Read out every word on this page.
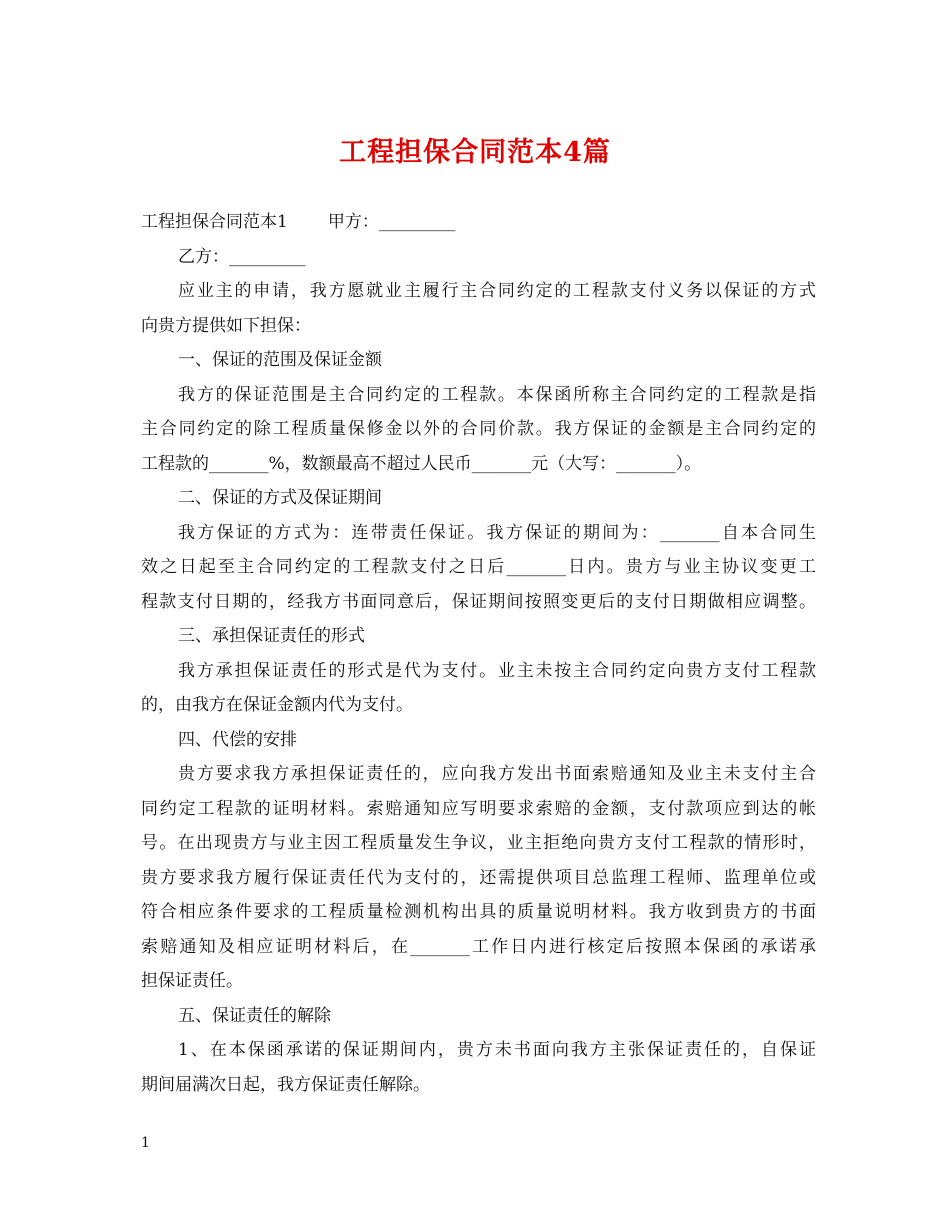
工程担保合同范本4篇

工程担保合同范本1 甲方：_________

乙方：_________

应业主的申请，我方愿就业主履行主合同约定的工程款支付义务以保证的方式

向贵方提供如下担保：

一、保证的范围及保证金额

我方的保证范围是主合同约定的工程款。本保函所称主合同约定的工程款是指

主合同约定的除工程质量保修金以外的合同价款。我方保证的金额是主合同约定的

工程款的_______%，数额最高不超过人民币_______元（大写：_______）。

二、保证的方式及保证期间

我方保证的方式为：连带责任保证。我方保证的期间为：_______自本合同生

效之日起至主合同约定的工程款支付之日后_______日内。贵方与业主协议变更工

程款支付日期的，经我方书面同意后，保证期间按照变更后的支付日期做相应调整。

三、承担保证责任的形式

我方承担保证责任的形式是代为支付。业主未按主合同约定向贵方支付工程款

的，由我方在保证金额内代为支付。

四、代偿的安排

贵方要求我方承担保证责任的，应向我方发出书面索赔通知及业主未支付主合

同约定工程款的证明材料。索赔通知应写明要求索赔的金额，支付款项应到达的帐

号。在出现贵方与业主因工程质量发生争议，业主拒绝向贵方支付工程款的情形时，

贵方要求我方履行保证责任代为支付的，还需提供项目总监理工程师、监理单位或

符合相应条件要求的工程质量检测机构出具的质量说明材料。我方收到贵方的书面

索赔通知及相应证明材料后，在_______工作日内进行核定后按照本保函的承诺承

担保证责任。

五、保证责任的解除

1、在本保函承诺的保证期间内，贵方未书面向我方主张保证责任的，自保证

期间届满次日起，我方保证责任解除。

1
